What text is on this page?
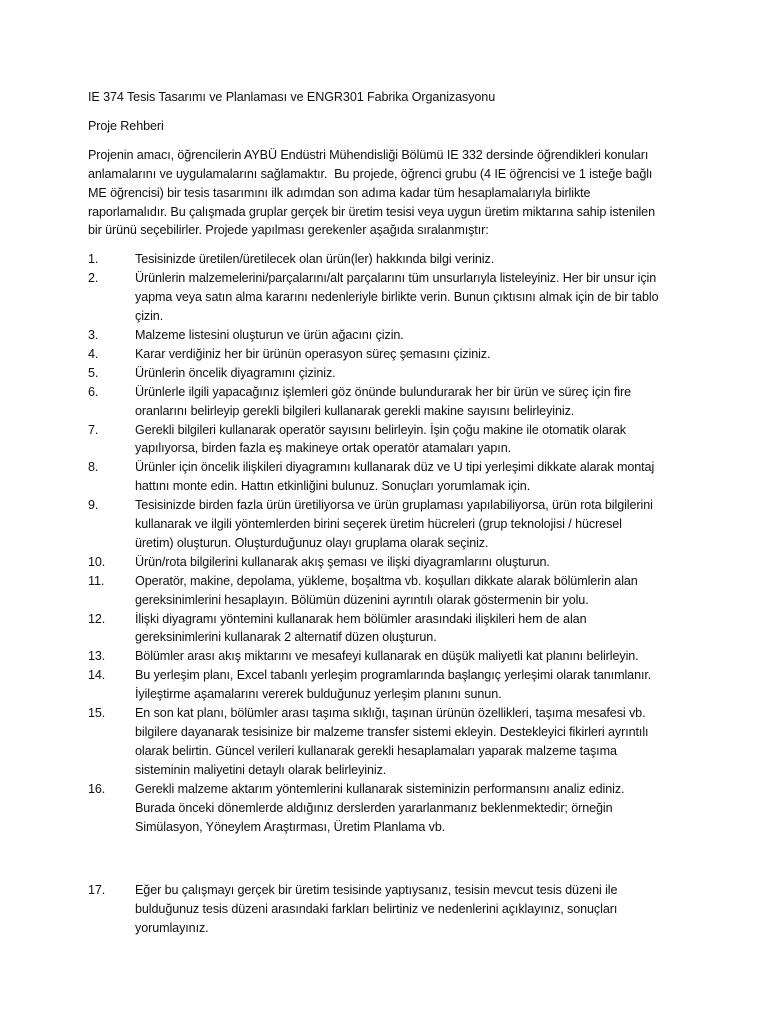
IE 374 Tesis Tasarımı ve Planlaması ve ENGR301 Fabrika Organizasyonu
Proje Rehberi
Projenin amacı, öğrencilerin AYBÜ Endüstri Mühendisliği Bölümü IE 332 dersinde öğrendikleri konuları
anlamalarını ve uygulamalarını sağlamaktır.  Bu projede, öğrenci grubu (4 IE öğrencisi ve 1 isteğe bağlı
ME öğrencisi) bir tesis tasarımını ilk adımdan son adıma kadar tüm hesaplamalarıyla birlikte
raporlamalıdır. Bu çalışmada gruplar gerçek bir üretim tesisi veya uygun üretim miktarına sahip istenilen
bir ürünü seçebilirler. Projede yapılması gerekenler aşağıda sıralanmıştır:
1.	Tesisinizde üretilen/üretilecek olan ürün(ler) hakkında bilgi veriniz.
2.	Ürünlerin malzemelerini/parçalarını/alt parçalarını tüm unsurlarıyla listeleyiniz. Her bir unsur için
yapma veya satın alma kararını nedenleriyle birlikte verin. Bunun çıktısını almak için de bir tablo
çizin.
3.	Malzeme listesini oluşturun ve ürün ağacını çizin.
4.	Karar verdiğiniz her bir ürünün operasyon süreç şemasını çiziniz.
5.	Ürünlerin öncelik diyagramını çiziniz.
6.	Ürünlerle ilgili yapacağınız işlemleri göz önünde bulundurarak her bir ürün ve süreç için fire
oranlarını belirleyip gerekli bilgileri kullanarak gerekli makine sayısını belirleyiniz.
7.	Gerekli bilgileri kullanarak operatör sayısını belirleyin. İşin çoğu makine ile otomatik olarak
yapılıyorsa, birden fazla eş makineye ortak operatör atamaları yapın.
8.	Ürünler için öncelik ilişkileri diyagramını kullanarak düz ve U tipi yerleşimi dikkate alarak montaj
hattını monte edin. Hattın etkinliğini bulunuz. Sonuçları yorumlamak için.
9.	Tesisinizde birden fazla ürün üretiliyorsa ve ürün gruplaması yapılabiliyorsa, ürün rota bilgilerini
kullanarak ve ilgili yöntemlerden birini seçerek üretim hücreleri (grup teknolojisi / hücresel
üretim) oluşturun. Oluşturduğunuz olayı gruplama olarak seçiniz.
10.	Ürün/rota bilgilerini kullanarak akış şeması ve ilişki diyagramlarını oluşturun.
11.	Operatör, makine, depolama, yükleme, boşaltma vb. koşulları dikkate alarak bölümlerin alan
gereksinimlerini hesaplayın. Bölümün düzenini ayrıntılı olarak göstermenin bir yolu.
12.	İlişki diyagramı yöntemini kullanarak hem bölümler arasındaki ilişkileri hem de alan
gereksinimlerini kullanarak 2 alternatif düzen oluşturun.
13.	Bölümler arası akış miktarını ve mesafeyi kullanarak en düşük maliyetli kat planını belirleyin.
14.	Bu yerleşim planı, Excel tabanlı yerleşim programlarında başlangıç yerleşimi olarak tanımlanır.
İyileştirme aşamalarını vererek bulduğunuz yerleşim planını sunun.
15.	En son kat planı, bölümler arası taşıma sıklığı, taşınan ürünün özellikleri, taşıma mesafesi vb.
bilgilere dayanarak tesisinize bir malzeme transfer sistemi ekleyin. Destekleyici fikirleri ayrıntılı
olarak belirtin. Güncel verileri kullanarak gerekli hesaplamaları yaparak malzeme taşıma
sisteminin maliyetini detaylı olarak belirleyiniz.
16.	Gerekli malzeme aktarım yöntemlerini kullanarak sisteminizin performansını analiz ediniz.
Burada önceki dönemlerde aldığınız derslerden yararlanmanız beklenmektedir; örneğin
Simülasyon, Yöneylem Araştırması, Üretim Planlama vb.
17.	Eğer bu çalışmayı gerçek bir üretim tesisinde yaptıysanız, tesisin mevcut tesis düzeni ile
bulduğunuz tesis düzeni arasındaki farkları belirtiniz ve nedenlerini açıklayınız, sonuçları
yorumlayınız.
